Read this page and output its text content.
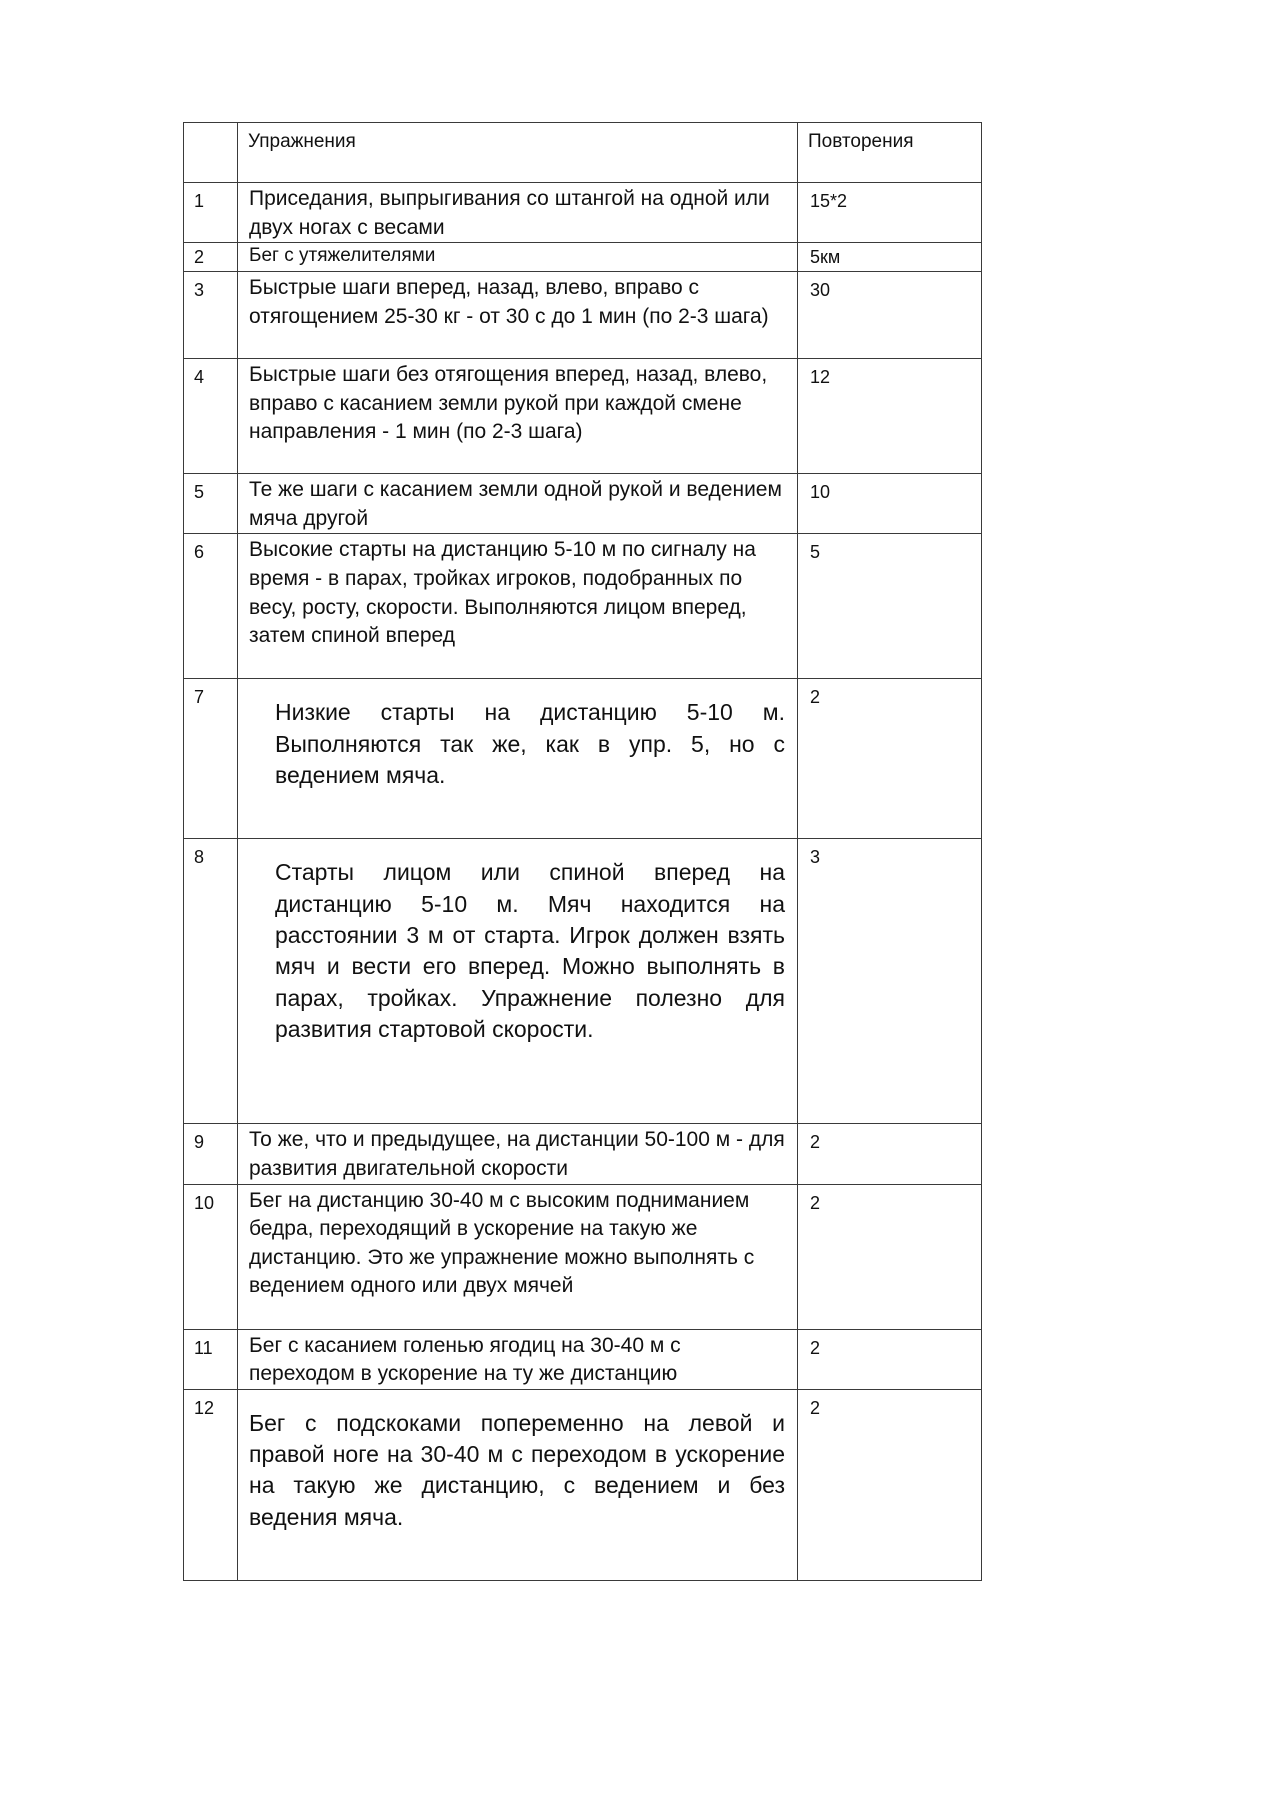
	Упражнения	Повторения

1	Приседания, выпрыгивания со штангой на одной или двух ногах с весами	15*2

2	Бег с утяжелителями	5км

3	Быстрые шаги вперед, назад, влево, вправо с отягощением 25-30 кг - от 30 с до 1 мин (по 2-3 шага)	30

4	Быстрые шаги без отягощения вперед, назад, влево, вправо с касанием земли рукой при каждой смене направления - 1 мин (по 2-3 шага)	12

5	Те же шаги с касанием земли одной рукой и ведением мяча другой	10

6	Высокие старты на дистанцию 5-10 м по сигналу на время - в парах, тройках игроков, подобранных по весу, росту, скорости. Выполняются лицом вперед, затем спиной вперед	5

7	Низкие старты на дистанцию 5-10 м. Выполняются так же, как в упр. 5, но с ведением мяча.	2

8	Старты лицом или спиной вперед на дистанцию 5-10 м. Мяч находится на расстоянии 3 м от старта. Игрок должен взять мяч и вести его вперед. Можно выполнять в парах, тройках. Упражнение полезно для развития стартовой скорости.	3

9	То же, что и предыдущее, на дистанции 50-100 м - для развития двигательной скорости	2

10	Бег на дистанцию 30-40 м с высоким подниманием бедра, переходящий в ускорение на такую же дистанцию. Это же упражнение можно выполнять с ведением одного или двух мячей	2

11	Бег с касанием голенью ягодиц на 30-40 м с переходом в ускорение на ту же дистанцию	2

12	Бег с подскоками попеременно на левой и правой ноге на 30-40 м с переходом в ускорение на такую же дистанцию, с ведением и без ведения мяча.	2
